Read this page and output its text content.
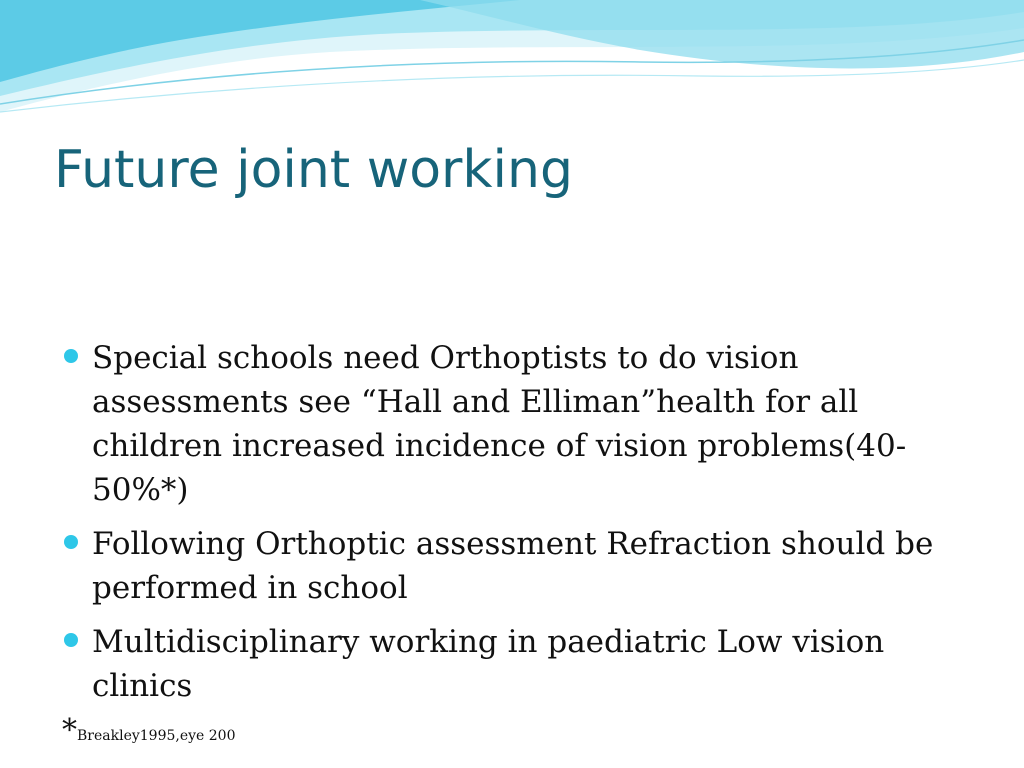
Future joint working
Special schools need Orthoptists to do vision assessments see “Hall and Elliman”health for all children increased incidence of vision problems(40-50%*)
Following Orthoptic assessment Refraction should be performed in school
Multidisciplinary working in paediatric Low vision clinics
*Breakley1995,eye 200
